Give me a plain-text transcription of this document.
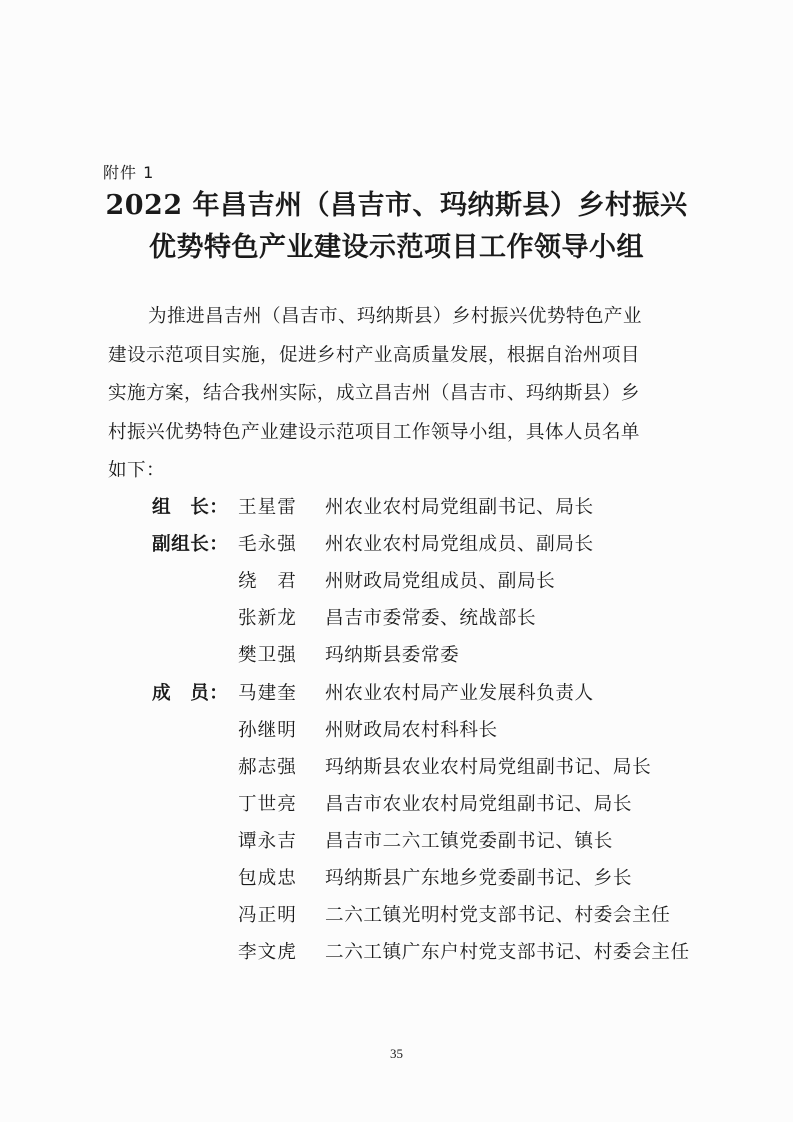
附件 1
2022 年昌吉州（昌吉市、玛纳斯县）乡村振兴
优势特色产业建设示范项目工作领导小组
为推进昌吉州（昌吉市、玛纳斯县）乡村振兴优势特色产业
建设示范项目实施，促进乡村产业高质量发展，根据自治州项目
实施方案，结合我州实际，成立昌吉州（昌吉市、玛纳斯县）乡
村振兴优势特色产业建设示范项目工作领导小组，具体人员名单
如下：
组　长： 王星雷 州农业农村局党组副书记、局长
副组长： 毛永强 州农业农村局党组成员、副局长
绕　君 州财政局党组成员、副局长
张新龙 昌吉市委常委、统战部长
樊卫强 玛纳斯县委常委
成　员： 马建奎 州农业农村局产业发展科负责人
孙继明 州财政局农村科科长
郝志强 玛纳斯县农业农村局党组副书记、局长
丁世亮 昌吉市农业农村局党组副书记、局长
谭永吉 昌吉市二六工镇党委副书记、镇长
包成忠 玛纳斯县广东地乡党委副书记、乡长
冯正明 二六工镇光明村党支部书记、村委会主任
李文虎 二六工镇广东户村党支部书记、村委会主任
35
